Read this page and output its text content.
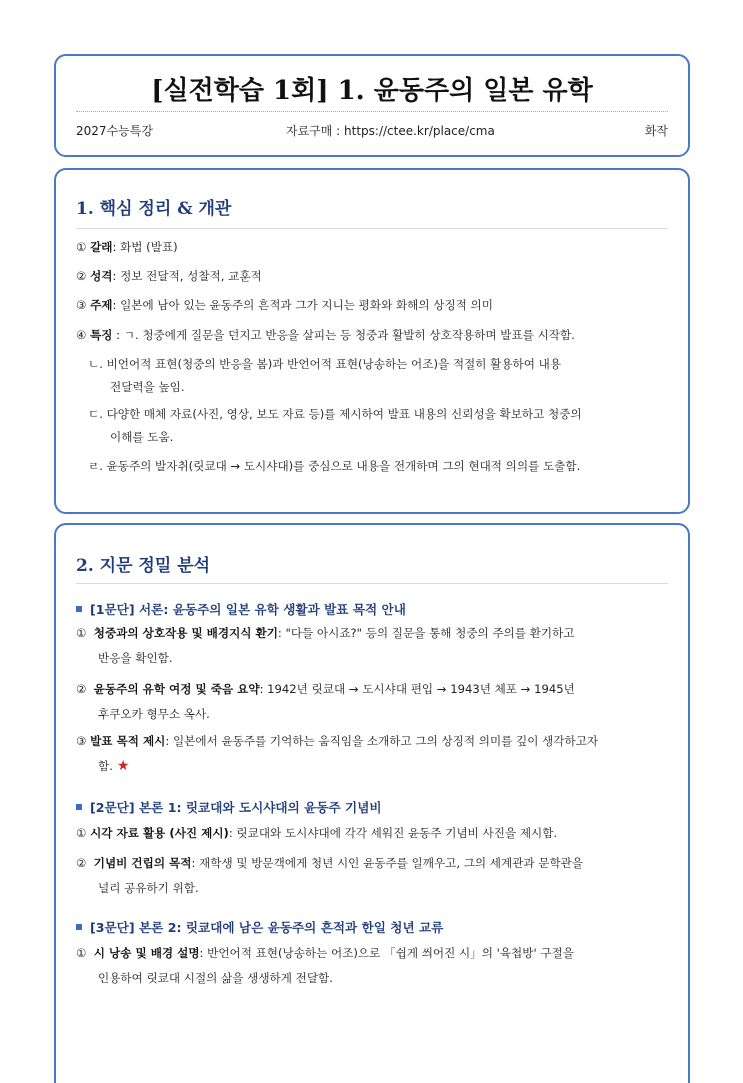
[실전학습 1회] 1. 윤동주의 일본 유학
2027수능특강	자료구매 : https://ctee.kr/place/cma	화작
1. 핵심 정리 & 개관
① 갈래: 화법 (발표)
② 성격: 정보 전달적, 성찰적, 교훈적
③ 주제: 일본에 남아 있는 윤동주의 흔적과 그가 지니는 평화와 화해의 상징적 의미
④ 특징 : ㄱ. 청중에게 질문을 던지고 반응을 살피는 등 청중과 활발히 상호작용하며 발표를 시작함.
ㄴ. 비언어적 표현(청중의 반응을 봄)과 반언어적 표현(낭송하는 어조)을 적절히 활용하여 내용
전달력을 높임.
ㄷ. 다양한 매체 자료(사진, 영상, 보도 자료 등)를 제시하여 발표 내용의 신뢰성을 확보하고 청중의
이해를 도움.
ㄹ. 윤동주의 발자취(릿쿄대 → 도시샤대)를 중심으로 내용을 전개하며 그의 현대적 의의를 도출함.
2. 지문 정밀 분석
[1문단] 서론: 윤동주의 일본 유학 생활과 발표 목적 안내
① 청중과의 상호작용 및 배경지식 환기: "다들 아시죠?" 등의 질문을 통해 청중의 주의를 환기하고
반응을 확인함.
② 윤동주의 유학 여정 및 죽음 요약: 1942년 릿쿄대 → 도시샤대 편입 → 1943년 체포 → 1945년
후쿠오카 형무소 옥사.
③ 발표 목적 제시: 일본에서 윤동주를 기억하는 움직임을 소개하고 그의 상징적 의미를 깊이 생각하고자
함. ★
[2문단] 본론 1: 릿쿄대와 도시샤대의 윤동주 기념비
① 시각 자료 활용 (사진 제시): 릿쿄대와 도시샤대에 각각 세워진 윤동주 기념비 사진을 제시함.
② 기념비 건립의 목적: 재학생 및 방문객에게 청년 시인 윤동주를 일깨우고, 그의 세계관과 문학관을
널리 공유하기 위함.
[3문단] 본론 2: 릿쿄대에 남은 윤동주의 흔적과 한일 청년 교류
① 시 낭송 및 배경 설명: 반언어적 표현(낭송하는 어조)으로 「쉽게 씌어진 시」의 '육첩방' 구절을
인용하여 릿쿄대 시절의 삶을 생생하게 전달함.
